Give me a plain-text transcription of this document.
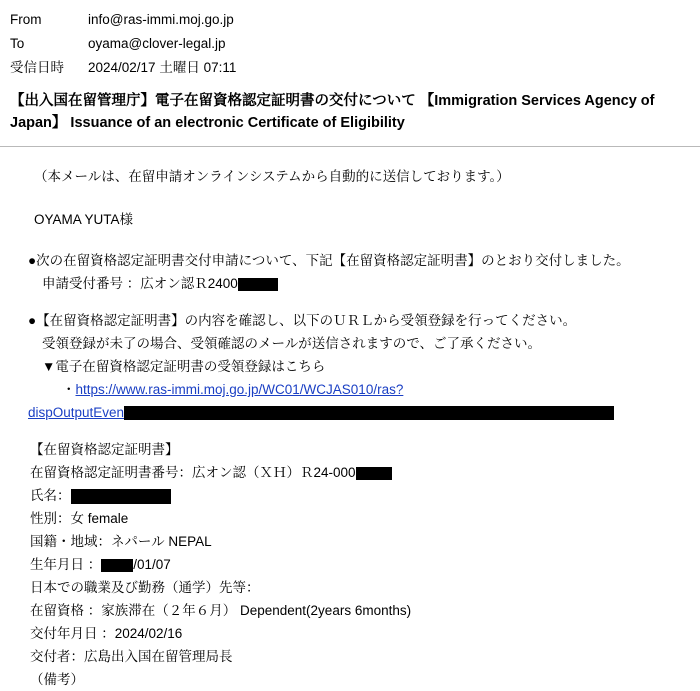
From	info@ras-immi.moj.go.jp
To	oyama@clover-legal.jp
受信日時	2024/02/17 土曜日 07:11
【出入国在留管理庁】電子在留資格認定証明書の交付について 【Immigration Services Agency of Japan】 Issuance of an electronic Certificate of Eligibility
（本メールは、在留申請オンラインシステムから自動的に送信しております。）
OYAMA YUTA様
●次の在留資格認定証明書交付申請について、下記【在留資格認定証明書】のとおり交付しました。
申請受付番号 ：広オン認Ｒ2400
●【在留資格認定証明書】の内容を確認し、以下のＵＲＬから受領登録を行ってください。
受領登録が未了の場合、受領確認のメールが送信されますので、ご了承ください。
▼電子在留資格認定証明書の受領登録はこちら
・https://www.ras-immi.moj.go.jp/WC01/WCJAS010/ras?
dispOutputEven
【在留資格認定証明書】
在留資格認定証明書番号：広オン認（ＸＨ）Ｒ24-000
氏名：
性別：女 female
国籍・地域：ネパール NEPAL
生年月日 ： /01/07
日本での職業及び勤務（通学）先等：
在留資格 ：家族滞在（２年６月） Dependent(2years 6months)
交付年月日 ：2024/02/16
交付者：広島出入国在留管理局長
（備考）
